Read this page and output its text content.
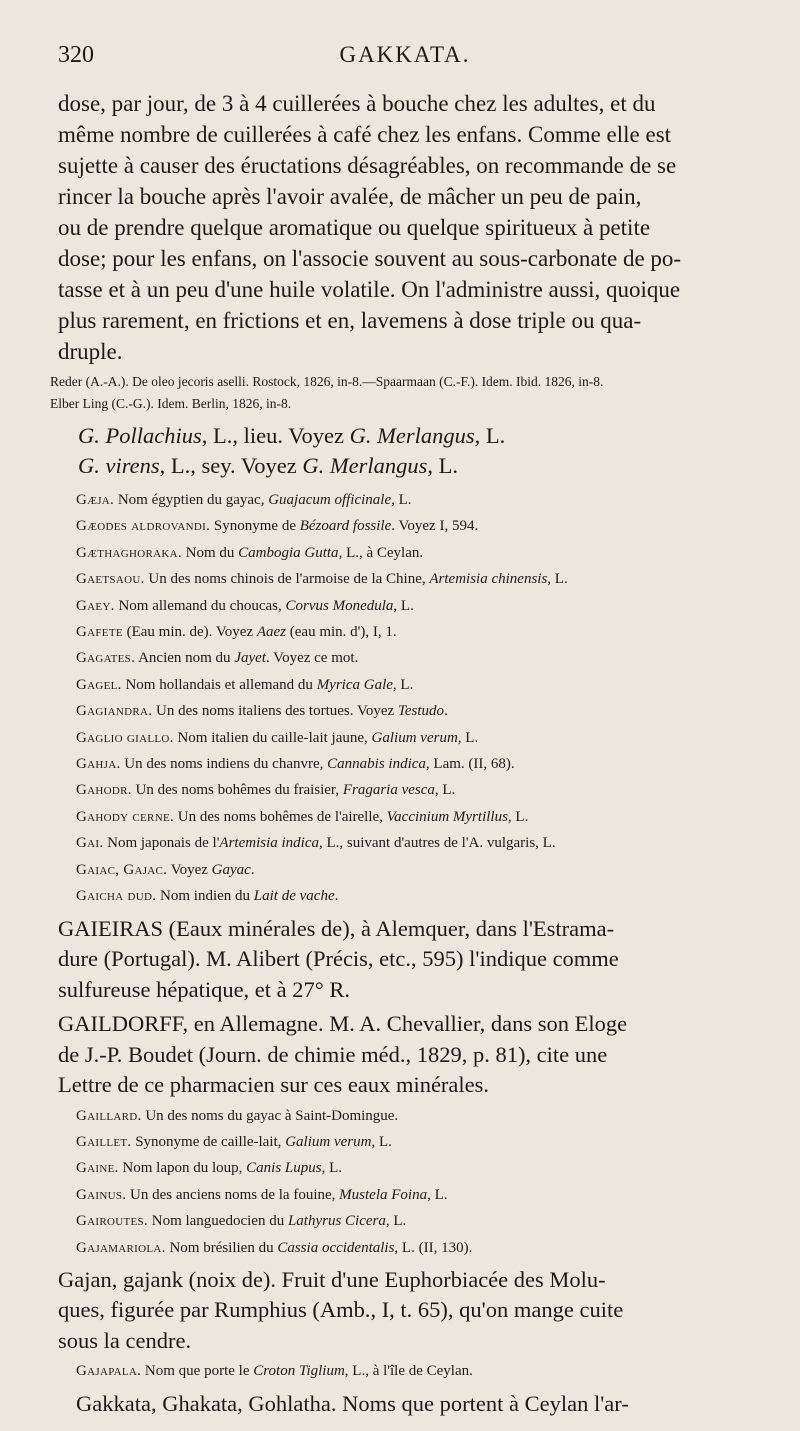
320	GAKKATA.

dose, par jour, de 3 à 4 cuillerées à bouche chez les adultes, et du

même nombre de cuillerées à café chez les enfans. Comme elle est

sujette à causer des éructations désagréables, on recommande de se

rincer la bouche après l'avoir avalée, de mâcher un peu de pain,

ou de prendre quelque aromatique ou quelque spiritueux à petite

dose; pour les enfans, on l'associe souvent au sous-carbonate de po-

tasse et à un peu d'une huile volatile. On l'administre aussi, quoique

plus rarement, en frictions et en, lavemens à dose triple ou qua-

druple.

Reder (A.-A.). De oleo jecoris aselli. Rostock, 1826, in-8.—Spaarmaan (C.-F.). Idem. Ibid. 1826, in-8.
Elber Ling (C.-G.). Idem. Berlin, 1826, in-8.

G. Pollachius, L., lieu. Voyez G. Merlangus, L.

G. virens, L., sey. Voyez G. Merlangus, L.

Gæja. Nom égyptien du gayac, Guajacum officinale, L.

Gæodes aldrovandi. Synonyme de Bézoard fossile. Voyez I, 594.

Gæthaghoraka. Nom du Cambogia Gutta, L., à Ceylan.

Gaetsaou. Un des noms chinois de l'armoise de la Chine, Artemisia chinensis, L.

Gaey. Nom allemand du choucas, Corvus Monedula, L.

Gafete (Eau min. de). Voyez Aaez (eau min. d'), I, 1.

Gagates. Ancien nom du Jayet. Voyez ce mot.

Gagel. Nom hollandais et allemand du Myrica Gale, L.

Gagiandra. Un des noms italiens des tortues. Voyez Testudo.

Gaglio giallo. Nom italien du caille-lait jaune, Galium verum, L.

Gahja. Un des noms indiens du chanvre, Cannabis indica, Lam. (II, 68).

Gahodr. Un des noms bohêmes du fraisier, Fragaria vesca, L.

Gahody cerne. Un des noms bohêmes de l'airelle, Vaccinium Myrtillus, L.

Gai. Nom japonais de l'Artemisia indica, L., suivant d'autres de l'A. vulgaris, L.

Gaiac, Gajac. Voyez Gayac.

Gaicha dud. Nom indien du Lait de vache.

GAIEIRAS (Eaux minérales de), à Alemquer, dans l'Estrama-
dure (Portugal). M. Alibert (Précis, etc., 595) l'indique comme
sulfureuse hépatique, et à 27° R.
GAILDORFF, en Allemagne. M. A. Chevallier, dans son Eloge
de J.-P. Boudet (Journ. de chimie méd., 1829, p. 81), cite une
Lettre de ce pharmacien sur ces eaux minérales.

Gaillard. Un des noms du gayac à Saint-Domingue.

Gaillet. Synonyme de caille-lait, Galium verum, L.

Gaine. Nom lapon du loup, Canis Lupus, L.

Gainus. Un des anciens noms de la fouine, Mustela Foina, L.

Gairoutes. Nom languedocien du Lathyrus Cicera, L.

Gajamariola. Nom brésilien du Cassia occidentalis, L. (II, 130).

Gajan, gajank (noix de). Fruit d'une Euphorbiacée des Molu-
ques, figurée par Rumphius (Amb., I, t. 65), qu'on mange cuite
sous la cendre.

Gajapala. Nom que porte le Croton Tiglium, L., à l'île de Ceylan.

Gakkata, Ghakata, Gohlatha. Noms que portent à Ceylan l'ar-
